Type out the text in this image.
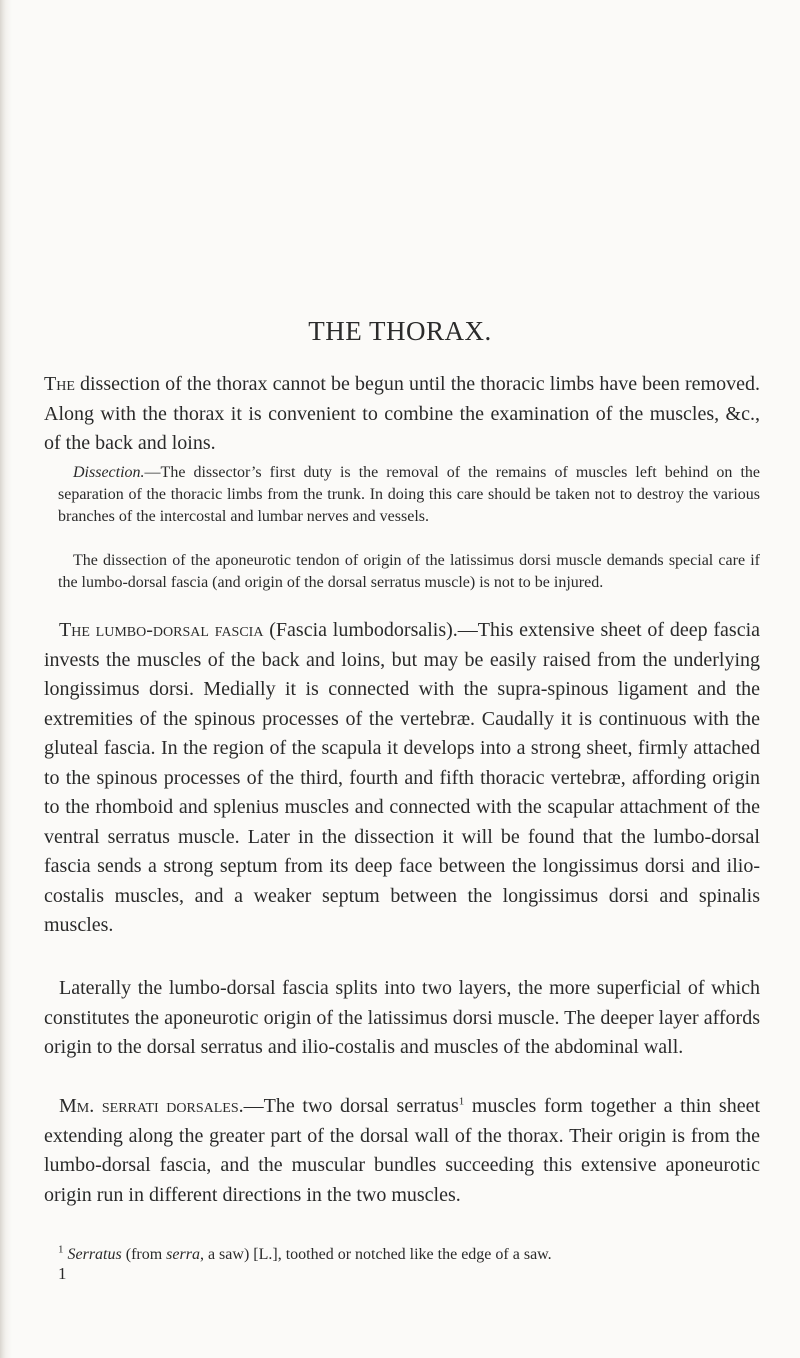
THE THORAX.

The dissection of the thorax cannot be begun until the thoracic limbs have been removed. Along with the thorax it is convenient to combine the examination of the muscles, &c., of the back and loins.

Dissection.—The dissector’s first duty is the removal of the remains of muscles left behind on the separation of the thoracic limbs from the trunk. In doing this care should be taken not to destroy the various branches of the intercostal and lumbar nerves and vessels.

The dissection of the aponeurotic tendon of origin of the latissimus dorsi muscle demands special care if the lumbo-dorsal fascia (and origin of the dorsal serratus muscle) is not to be injured.

The lumbo-dorsal fascia (Fascia lumbodorsalis).—This extensive sheet of deep fascia invests the muscles of the back and loins, but may be easily raised from the underlying longissimus dorsi. Medially it is connected with the supra-spinous ligament and the extremities of the spinous processes of the vertebræ. Caudally it is continuous with the gluteal fascia. In the region of the scapula it develops into a strong sheet, firmly attached to the spinous processes of the third, fourth and fifth thoracic vertebræ, affording origin to the rhomboid and splenius muscles and connected with the scapular attachment of the ventral serratus muscle. Later in the dissection it will be found that the lumbo-dorsal fascia sends a strong septum from its deep face between the longissimus dorsi and ilio-costalis muscles, and a weaker septum between the longissimus dorsi and spinalis muscles.

Laterally the lumbo-dorsal fascia splits into two layers, the more superficial of which constitutes the aponeurotic origin of the latissimus dorsi muscle. The deeper layer affords origin to the dorsal serratus and ilio-costalis and muscles of the abdominal wall.

Mm. serrati dorsales.—The two dorsal serratus$^1$ muscles form together a thin sheet extending along the greater part of the dorsal wall of the thorax. Their origin is from the lumbo-dorsal fascia, and the muscular bundles succeeding this extensive aponeurotic origin run in different directions in the two muscles.

$^1$ Serratus (from serra, a saw) [L.], toothed or notched like the edge of a saw.
1
